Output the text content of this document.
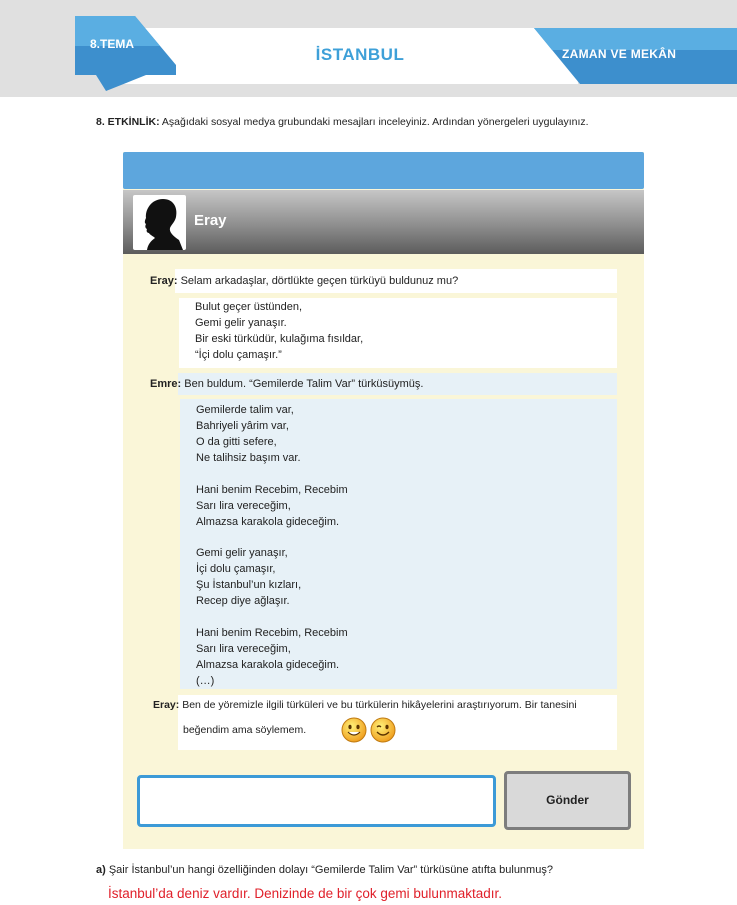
8.TEMA
İSTANBUL	ZAMAN VE MEKÂN
8. ETKİNLİK: Aşağıdaki sosyal medya grubundaki mesajları inceleyiniz. Ardından yönergeleri uygulayınız.
Eray
Eray: Selam arkadaşlar, dörtlükte geçen türküyü buldunuz mu?
Bulut geçer üstünden,
Gemi gelir yanaşır.
Bir eski türküdür, kulağıma fısıldar,
“İçi dolu çamaşır.”
Emre: Ben buldum. “Gemilerde Talim Var” türküsüymüş.
Gemilerde talim var,
Bahriyeli yârim var,
O da gitti sefere,
Ne talihsiz başım var.
Hani benim Recebim, Recebim
Sarı lira vereceğim,
Almazsa karakola gideceğim.
Gemi gelir yanaşır,
İçi dolu çamaşır,
Şu İstanbul’un kızları,
Recep diye ağlaşır.
Hani benim Recebim, Recebim
Sarı lira vereceğim,
Almazsa karakola gideceğim.
(…)
Eray: Ben de yöremizle ilgili türküleri ve bu türkülerin hikâyelerini araştırıyorum. Bir tanesini
beğendim ama söylemem.
Gönder
a) Şair İstanbul’un hangi özelliğinden dolayı “Gemilerde Talim Var” türküsüne atıfta bulunmuş?
İstanbul’da deniz vardır. Denizinde de bir çok gemi bulunmaktadır.
